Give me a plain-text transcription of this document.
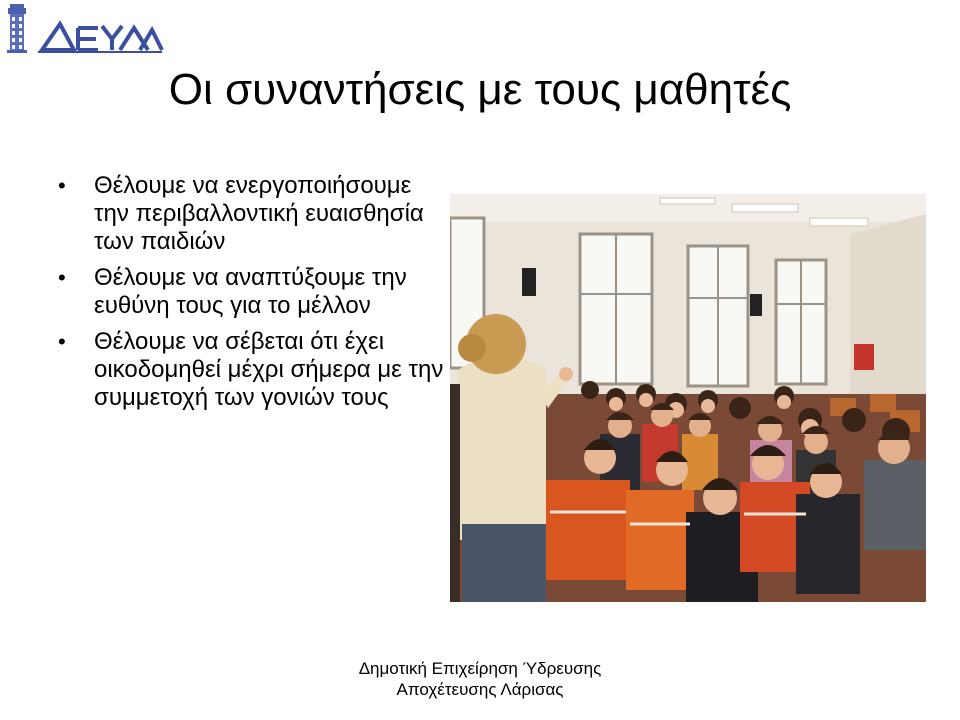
Οι συναντήσεις με τους μαθητές
• Θέλουμε να ενεργοποιήσουμε την περιβαλλοντική ευαισθησία των παιδιών
• Θέλουμε να αναπτύξουμε την ευθύνη τους για το μέλλον
• Θέλουμε να σέβεται ότι έχει οικοδομηθεί μέχρι σήμερα με την συμμετοχή των γονιών τους
Δημοτική Επιχείρηση Ύδρευσης
Αποχέτευσης Λάρισας
